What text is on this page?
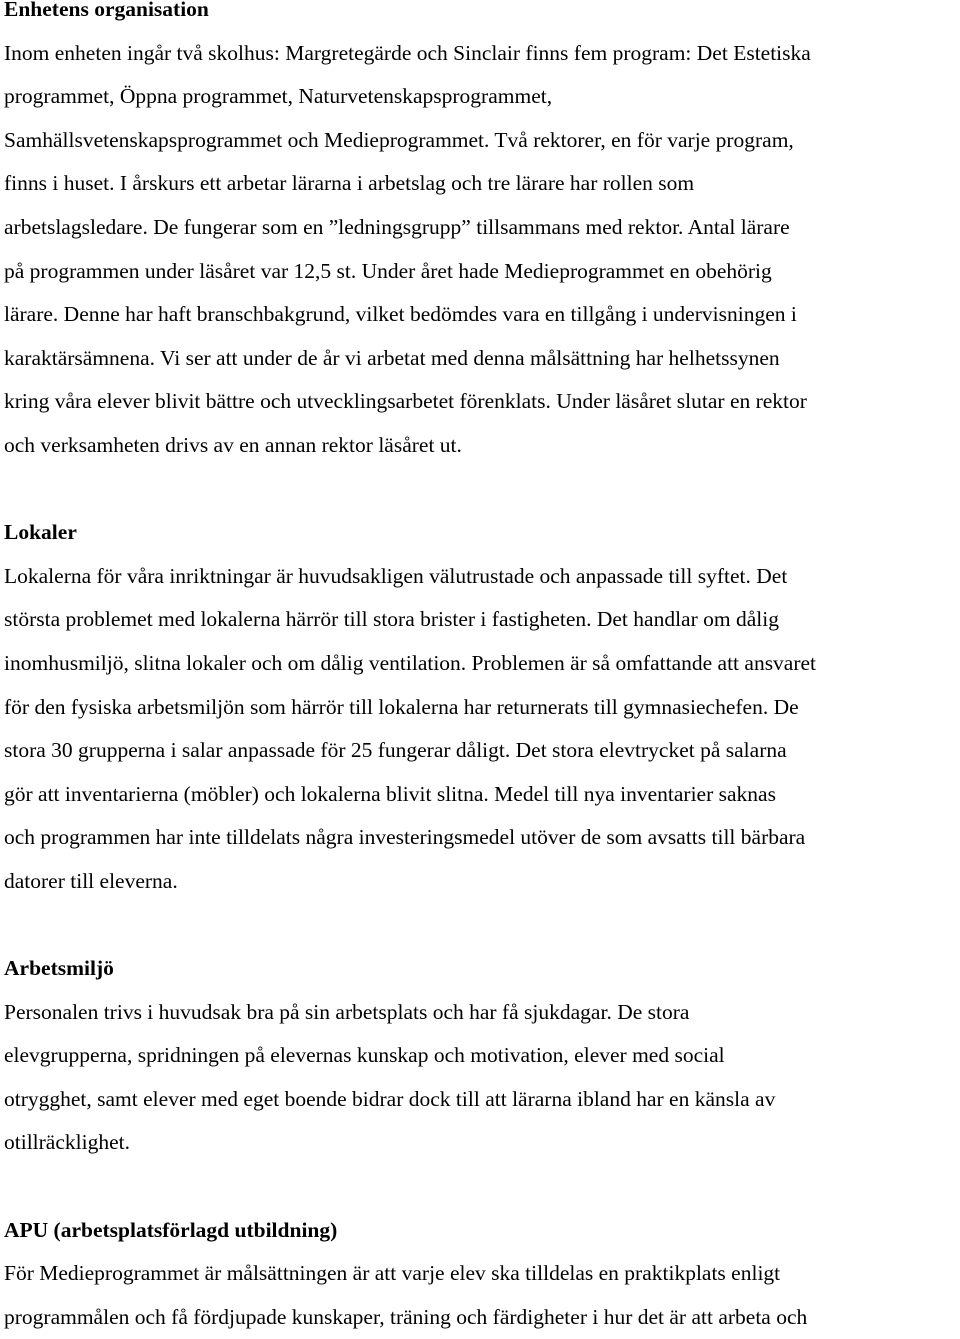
Enhetens organisation

Inom enheten ingår två skolhus: Margretegärde och Sinclair finns fem program: Det Estetiska

programmet, Öppna programmet, Naturvetenskapsprogrammet,

Samhällsvetenskapsprogrammet och Medieprogrammet. Två rektorer, en för varje program,

finns i huset. I årskurs ett arbetar lärarna i arbetslag och tre lärare har rollen som

arbetslagsledare. De fungerar som en ”ledningsgrupp” tillsammans med rektor. Antal lärare

på programmen under läsåret var 12,5 st. Under året hade Medieprogrammet en obehörig

lärare. Denne har haft branschbakgrund, vilket bedömdes vara en tillgång i undervisningen i

karaktärsämnena. Vi ser att under de år vi arbetat med denna målsättning har helhetssynen

kring våra elever blivit bättre och utvecklingsarbetet förenklats. Under läsåret slutar en rektor

och verksamheten drivs av en annan rektor läsåret ut.

Lokaler

Lokalerna för våra inriktningar är huvudsakligen välutrustade och anpassade till syftet. Det

största problemet med lokalerna härrör till stora brister i fastigheten. Det handlar om dålig

inomhusmiljö, slitna lokaler och om dålig ventilation. Problemen är så omfattande att ansvaret

för den fysiska arbetsmiljön som härrör till lokalerna har returnerats till gymnasiechefen. De

stora 30 grupperna i salar anpassade för 25 fungerar dåligt. Det stora elevtrycket på salarna

gör att inventarierna (möbler) och lokalerna blivit slitna. Medel till nya inventarier saknas

och programmen har inte tilldelats några investeringsmedel utöver de som avsatts till bärbara

datorer till eleverna.

Arbetsmiljö

Personalen trivs i huvudsak bra på sin arbetsplats och har få sjukdagar. De stora

elevgrupperna, spridningen på elevernas kunskap och motivation, elever med social

otrygghet, samt elever med eget boende bidrar dock till att lärarna ibland har en känsla av

otillräcklighet.

APU (arbetsplatsförlagd utbildning)

För Medieprogrammet är målsättningen är att varje elev ska tilldelas en praktikplats enligt

programmålen och få fördjupade kunskaper, träning och färdigheter i hur det är att arbeta och
